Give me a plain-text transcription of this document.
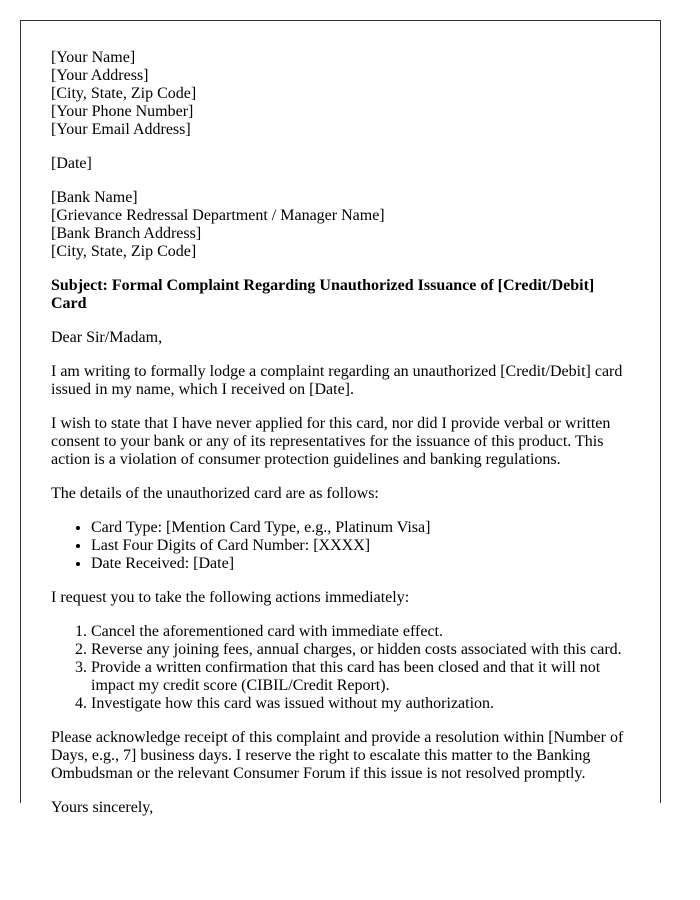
[Your Name]
[Your Address]
[City, State, Zip Code]
[Your Phone Number]
[Your Email Address]

[Date]

[Bank Name]
[Grievance Redressal Department / Manager Name]
[Bank Branch Address]
[City, State, Zip Code]

Subject: Formal Complaint Regarding Unauthorized Issuance of [Credit/Debit] Card

Dear Sir/Madam,

I am writing to formally lodge a complaint regarding an unauthorized [Credit/Debit] card issued in my name, which I received on [Date].

I wish to state that I have never applied for this card, nor did I provide verbal or written consent to your bank or any of its representatives for the issuance of this product. This action is a violation of consumer protection guidelines and banking regulations.

The details of the unauthorized card are as follows:

• Card Type: [Mention Card Type, e.g., Platinum Visa]
• Last Four Digits of Card Number: [XXXX]
• Date Received: [Date]

I request you to take the following actions immediately:

1. Cancel the aforementioned card with immediate effect.
2. Reverse any joining fees, annual charges, or hidden costs associated with this card.
3. Provide a written confirmation that this card has been closed and that it will not impact my credit score (CIBIL/Credit Report).
4. Investigate how this card was issued without my authorization.

Please acknowledge receipt of this complaint and provide a resolution within [Number of Days, e.g., 7] business days. I reserve the right to escalate this matter to the Banking Ombudsman or the relevant Consumer Forum if this issue is not resolved promptly.

Yours sincerely,
